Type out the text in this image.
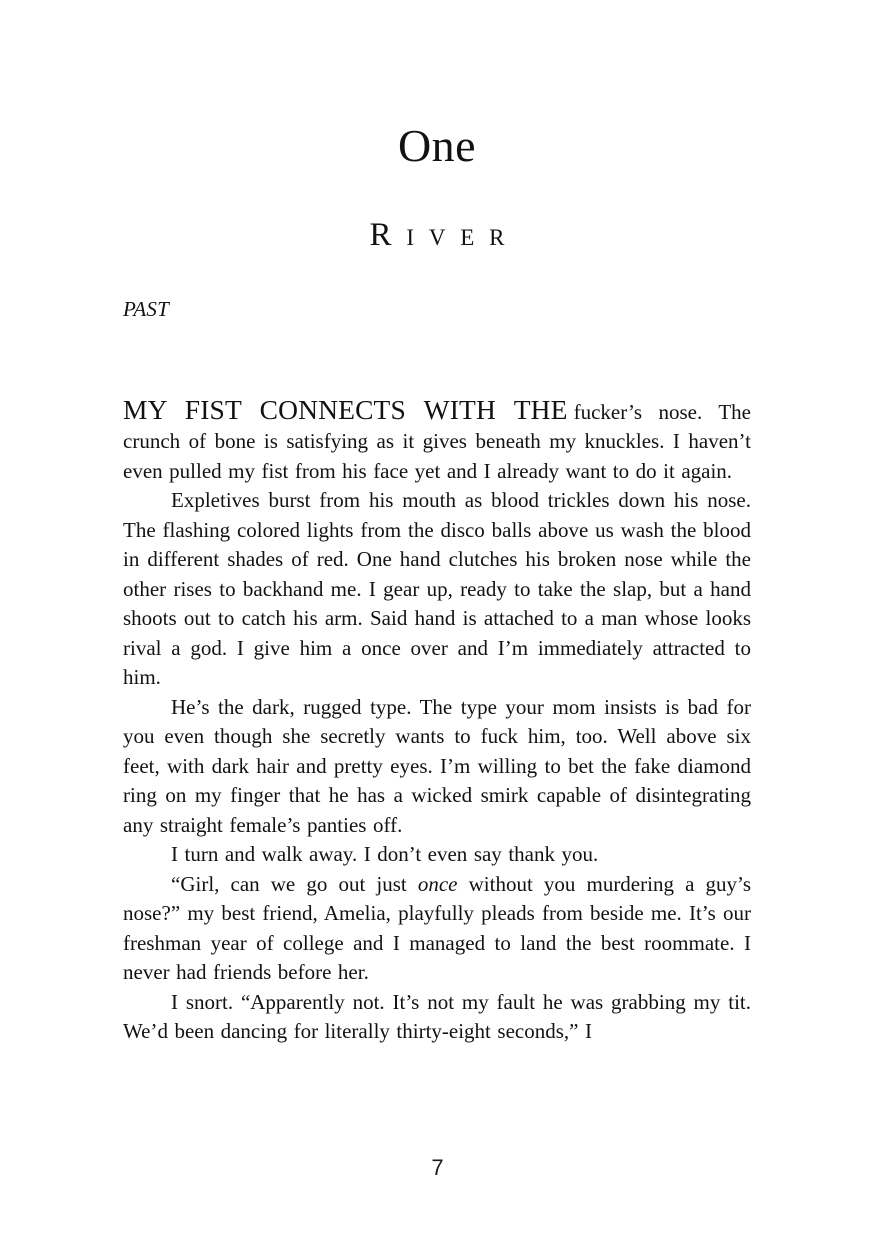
One
River
PAST

MY FIST CONNECTS WITH THE fucker’s nose. The crunch of bone is satisfying as it gives beneath my knuckles. I haven’t even pulled my fist from his face yet and I already want to do it again.

Expletives burst from his mouth as blood trickles down his nose. The flashing colored lights from the disco balls above us wash the blood in different shades of red. One hand clutches his broken nose while the other rises to backhand me. I gear up, ready to take the slap, but a hand shoots out to catch his arm. Said hand is attached to a man whose looks rival a god. I give him a once over and I’m immediately attracted to him.

He’s the dark, rugged type. The type your mom insists is bad for you even though she secretly wants to fuck him, too. Well above six feet, with dark hair and pretty eyes. I’m willing to bet the fake diamond ring on my finger that he has a wicked smirk capable of disintegrating any straight female’s panties off.

I turn and walk away. I don’t even say thank you.

“Girl, can we go out just once without you murdering a guy’s nose?” my best friend, Amelia, playfully pleads from beside me. It’s our freshman year of college and I managed to land the best roommate. I never had friends before her.

I snort. “Apparently not. It’s not my fault he was grabbing my tit. We’d been dancing for literally thirty-eight seconds,” I

7
